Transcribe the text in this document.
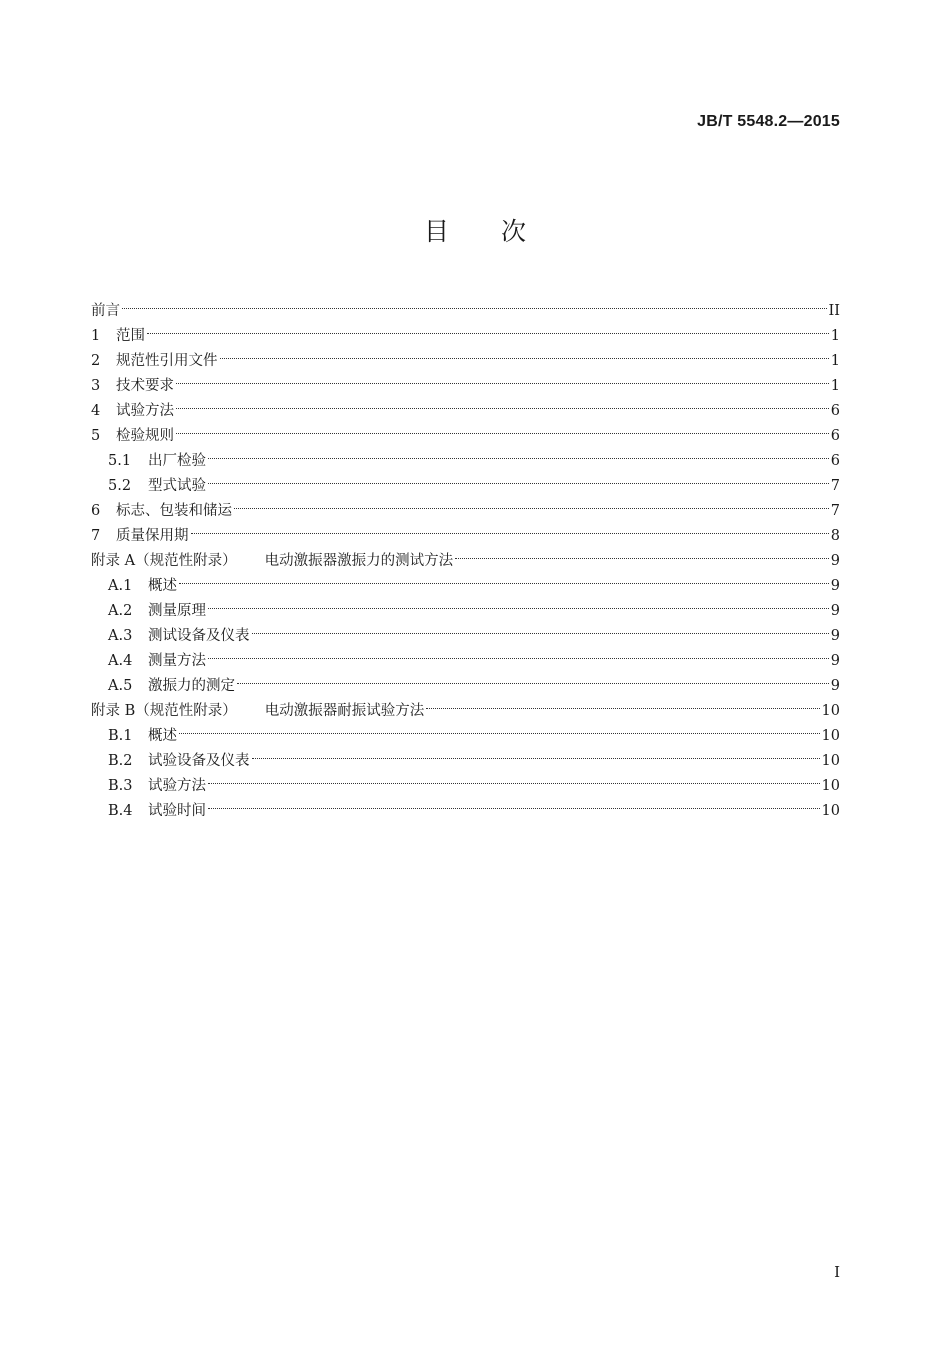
JB/T 5548.2—2015
目 次
前言	II
1	范围	1
2	规范性引用文件	1
3	技术要求	1
4	试验方法	6
5	检验规则	6
5.1	出厂检验	6
5.2	型式试验	7
6	标志、包装和储运	7
7	质量保用期	8
附录 A（规范性附录） 电动激振器激振力的测试方法	9
A.1	概述	9
A.2	测量原理	9
A.3	测试设备及仪表	9
A.4	测量方法	9
A.5	激振力的测定	9
附录 B（规范性附录） 电动激振器耐振试验方法	10
B.1	概述	10
B.2	试验设备及仪表	10
B.3	试验方法	10
B.4	试验时间	10
I
